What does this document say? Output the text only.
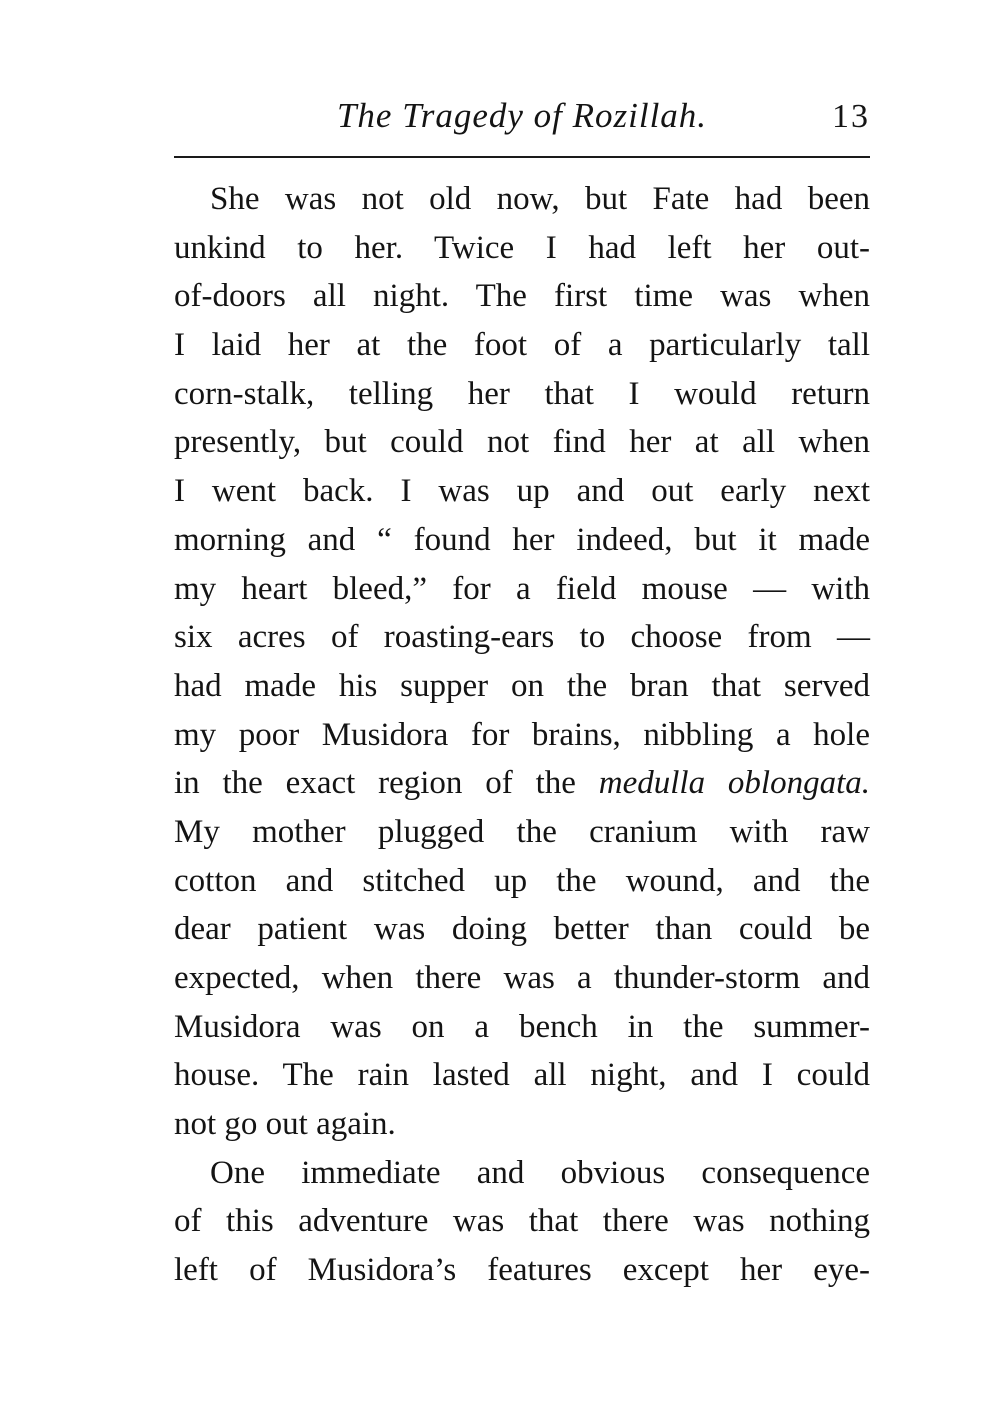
The Tragedy of Rozillah.	13
She was not old now, but Fate had been
unkind to her. Twice I had left her out-
of-doors all night. The first time was when
I laid her at the foot of a particularly tall
corn-stalk, telling her that I would return
presently, but could not find her at all when
I went back. I was up and out early next
morning and “ found her indeed, but it made
my heart bleed,” for a field mouse — with
six acres of roasting-ears to choose from —
had made his supper on the bran that served
my poor Musidora for brains, nibbling a hole
in the exact region of the medulla oblongata.
My mother plugged the cranium with raw
cotton and stitched up the wound, and the
dear patient was doing better than could be
expected, when there was a thunder-storm and
Musidora was on a bench in the summer-
house. The rain lasted all night, and I could
not go out again.
One immediate and obvious consequence
of this adventure was that there was nothing
left of Musidora’s features except her eye-
